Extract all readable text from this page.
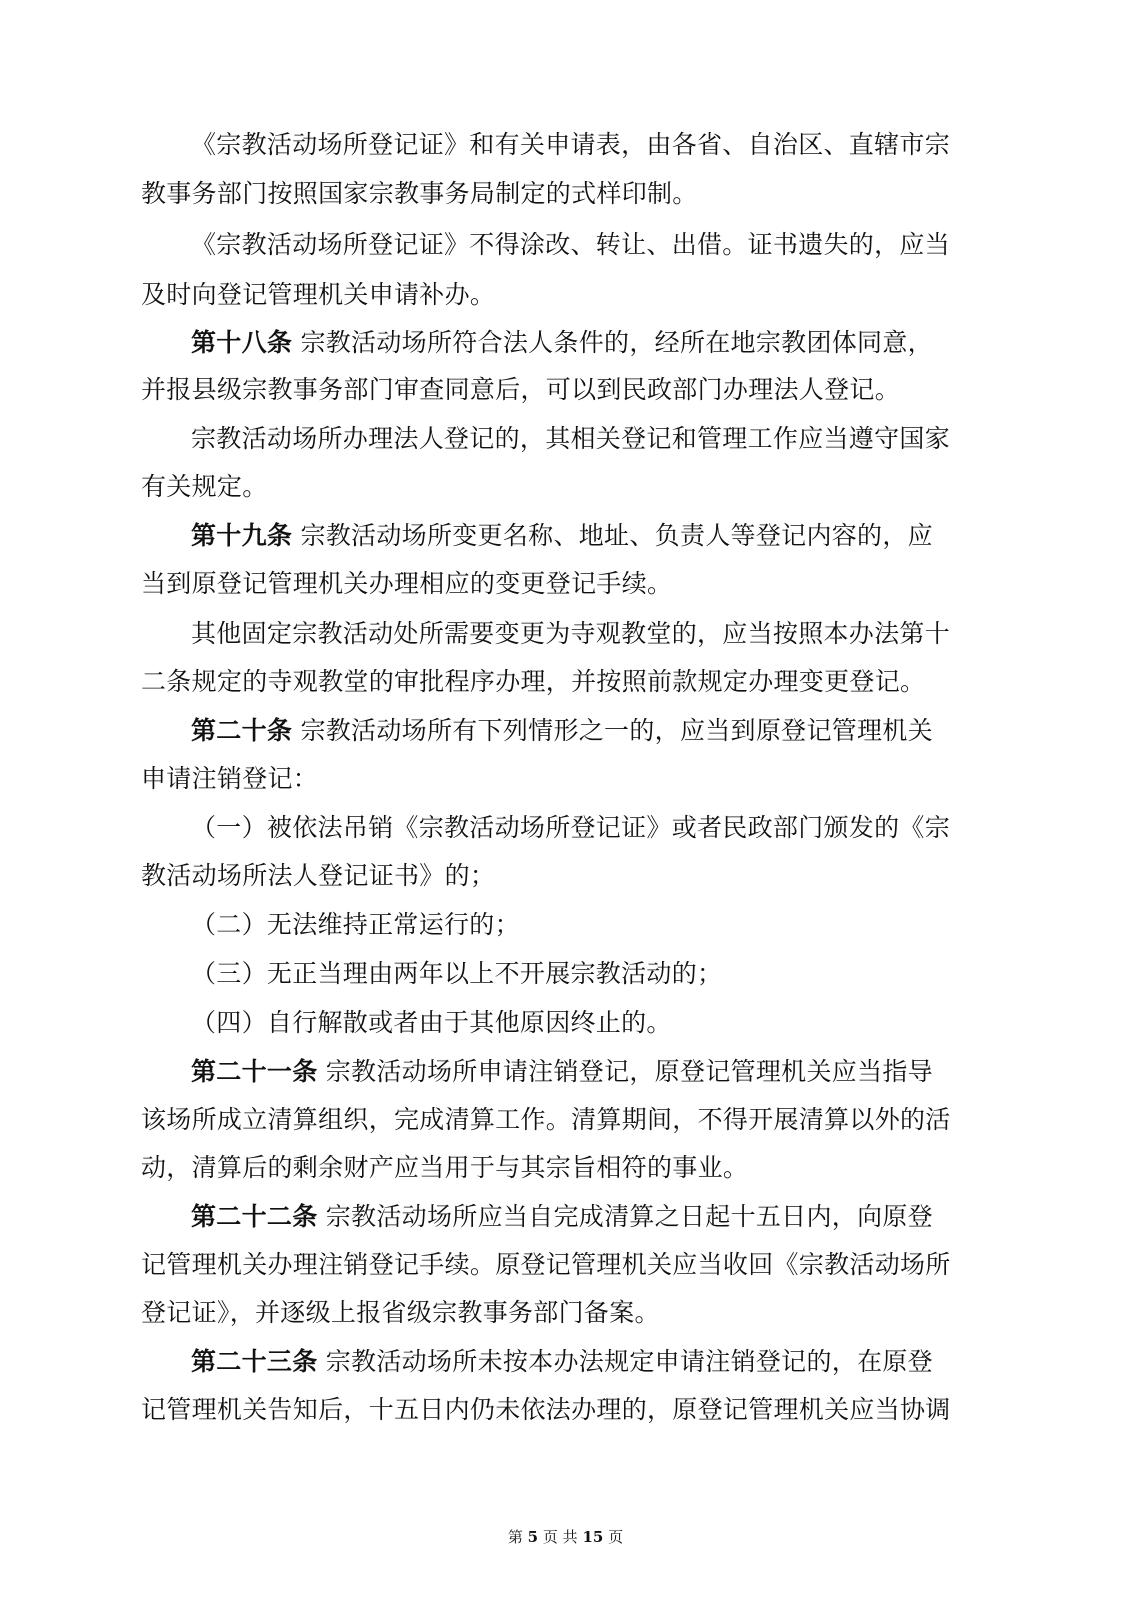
《宗教活动场所登记证》和有关申请表，由各省、自治区、直辖市宗
教事务部门按照国家宗教事务局制定的式样印制。
《宗教活动场所登记证》不得涂改、转让、出借。证书遗失的，应当
及时向登记管理机关申请补办。
第十八条 宗教活动场所符合法人条件的，经所在地宗教团体同意，
并报县级宗教事务部门审查同意后，可以到民政部门办理法人登记。
宗教活动场所办理法人登记的，其相关登记和管理工作应当遵守国家
有关规定。
第十九条 宗教活动场所变更名称、地址、负责人等登记内容的，应
当到原登记管理机关办理相应的变更登记手续。
其他固定宗教活动处所需要变更为寺观教堂的，应当按照本办法第十
二条规定的寺观教堂的审批程序办理，并按照前款规定办理变更登记。
第二十条 宗教活动场所有下列情形之一的，应当到原登记管理机关
申请注销登记：
（一）被依法吊销《宗教活动场所登记证》或者民政部门颁发的《宗
教活动场所法人登记证书》的；
（二）无法维持正常运行的；
（三）无正当理由两年以上不开展宗教活动的；
（四）自行解散或者由于其他原因终止的。
第二十一条 宗教活动场所申请注销登记，原登记管理机关应当指导
该场所成立清算组织，完成清算工作。清算期间，不得开展清算以外的活
动，清算后的剩余财产应当用于与其宗旨相符的事业。
第二十二条 宗教活动场所应当自完成清算之日起十五日内，向原登
记管理机关办理注销登记手续。原登记管理机关应当收回《宗教活动场所
登记证》，并逐级上报省级宗教事务部门备案。
第二十三条 宗教活动场所未按本办法规定申请注销登记的，在原登
记管理机关告知后，十五日内仍未依法办理的，原登记管理机关应当协调
第 5 页 共 15 页
